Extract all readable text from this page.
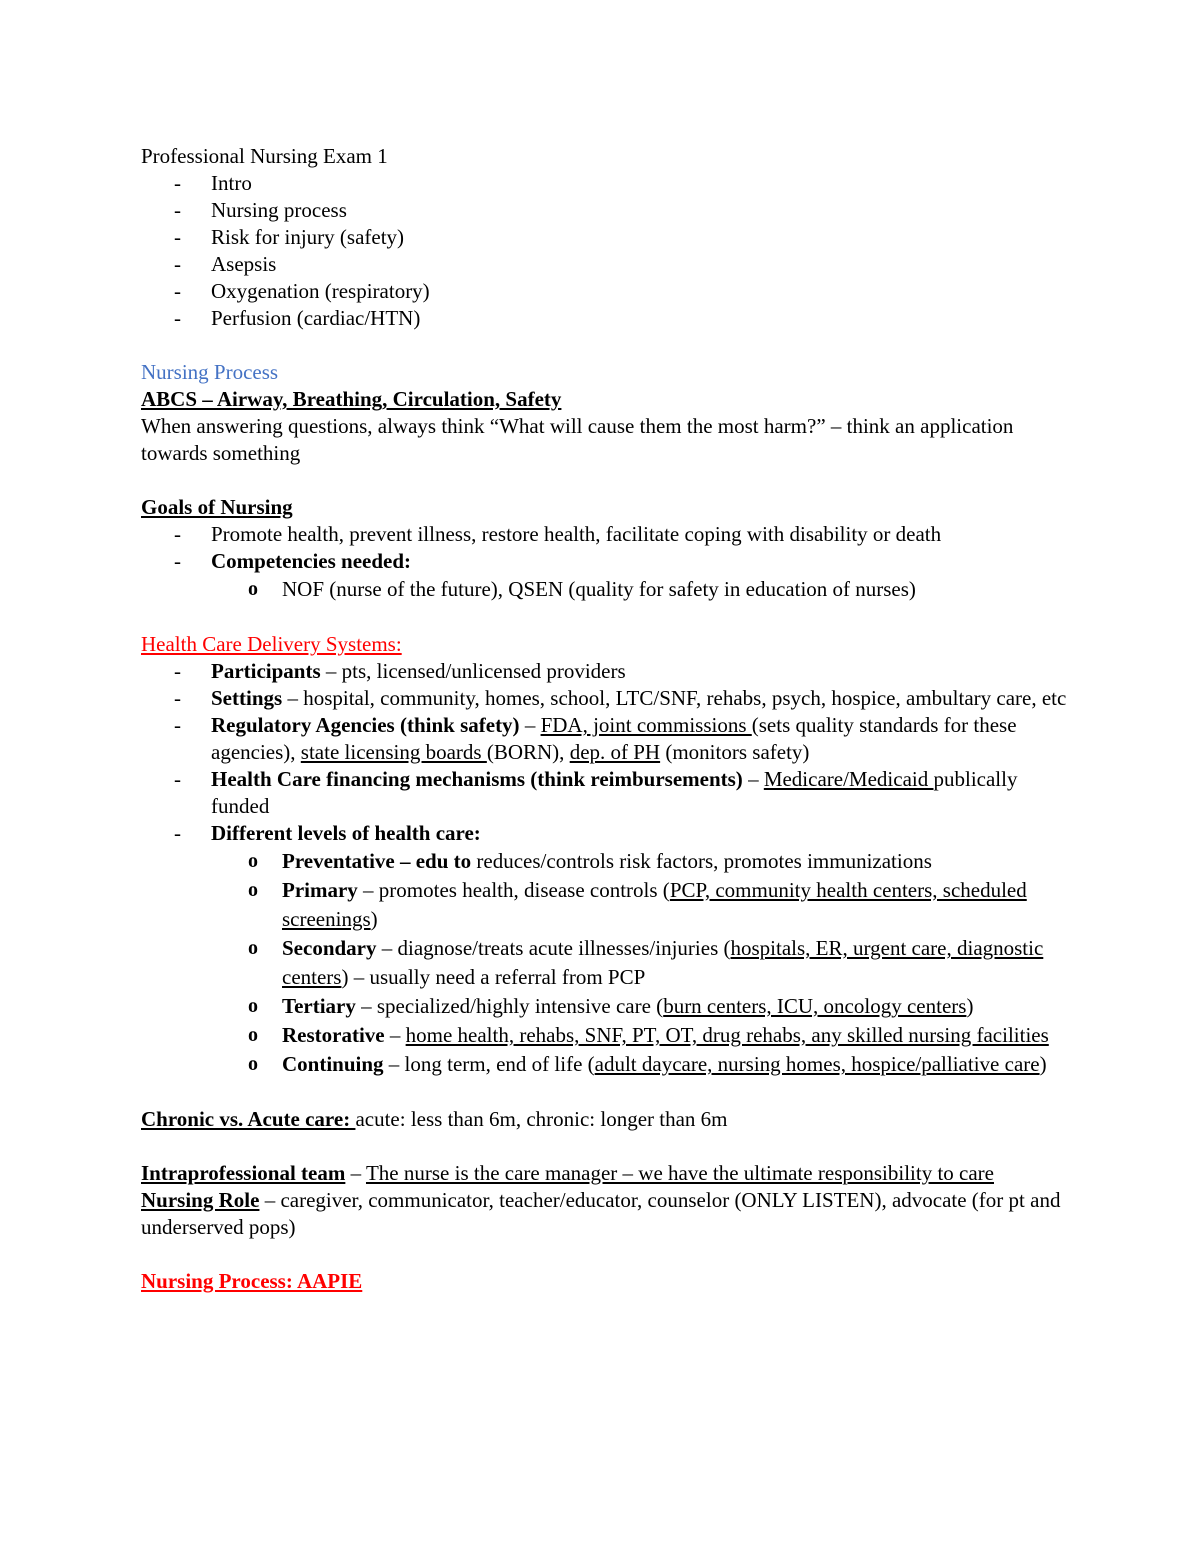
Professional Nursing Exam 1
- Intro
- Nursing process
- Risk for injury (safety)
- Asepsis
- Oxygenation (respiratory)
- Perfusion (cardiac/HTN)
Nursing Process
ABCS – Airway, Breathing, Circulation, Safety
When answering questions, always think “What will cause them the most harm?” – think an application towards something
Goals of Nursing
- Promote health, prevent illness, restore health, facilitate coping with disability or death
- Competencies needed:
o NOF (nurse of the future), QSEN (quality for safety in education of nurses)
Health Care Delivery Systems:
- Participants – pts, licensed/unlicensed providers
- Settings – hospital, community, homes, school, LTC/SNF, rehabs, psych, hospice, ambultary care, etc
- Regulatory Agencies (think safety) – FDA, joint commissions (sets quality standards for these agencies), state licensing boards (BORN), dep. of PH (monitors safety)
- Health Care financing mechanisms (think reimbursements) – Medicare/Medicaid publically funded
- Different levels of health care:
o Preventative – edu to reduces/controls risk factors, promotes immunizations
o Primary – promotes health, disease controls (PCP, community health centers, scheduled screenings)
o Secondary – diagnose/treats acute illnesses/injuries (hospitals, ER, urgent care, diagnostic centers) – usually need a referral from PCP
o Tertiary – specialized/highly intensive care (burn centers, ICU, oncology centers)
o Restorative – home health, rehabs, SNF, PT, OT, drug rehabs, any skilled nursing facilities
o Continuing – long term, end of life (adult daycare, nursing homes, hospice/palliative care)
Chronic vs. Acute care: acute: less than 6m, chronic: longer than 6m
Intraprofessional team – The nurse is the care manager – we have the ultimate responsibility to care
Nursing Role – caregiver, communicator, teacher/educator, counselor (ONLY LISTEN), advocate (for pt and underserved pops)
Nursing Process: AAPIE
